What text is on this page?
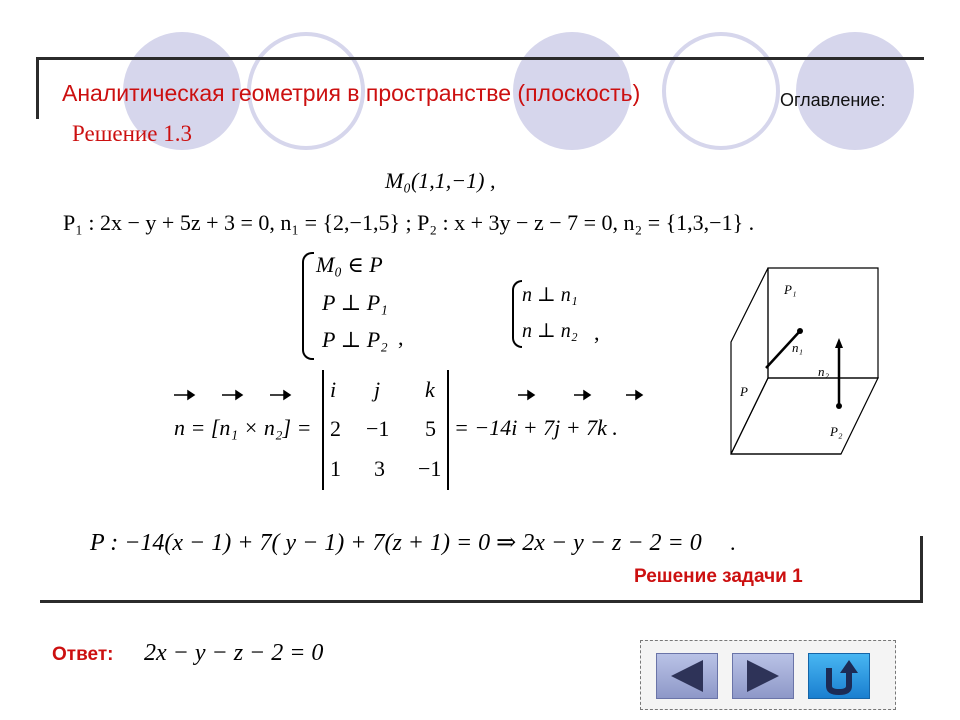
Аналитическая геометрия в пространстве (плоскость)	Оглавление:
Решение 1.3
M₀(1,1,−1) ,
P₁ : 2x − y + 5z + 3 = 0, n₁ = {2,−1,5} ; P₂ : x + 3y − z − 7 = 0, n₂ = {1,3,−1} .
M₀ ∈ P
P ⊥ P₁
P ⊥ P₂ ,
n ⊥ n₁
n ⊥ n₂ ,
n = [n₁ × n₂] =
i j k
2 −1 5
1 3 −1
= −14i + 7j + 7k .
P₁
n₁
n₂
P
P₂
P : −14(x − 1) + 7( y − 1) + 7(z + 1) = 0 ⇒ 2x − y − z − 2 = 0 .
Решение задачи 1
Ответ: 2x − y − z − 2 = 0
